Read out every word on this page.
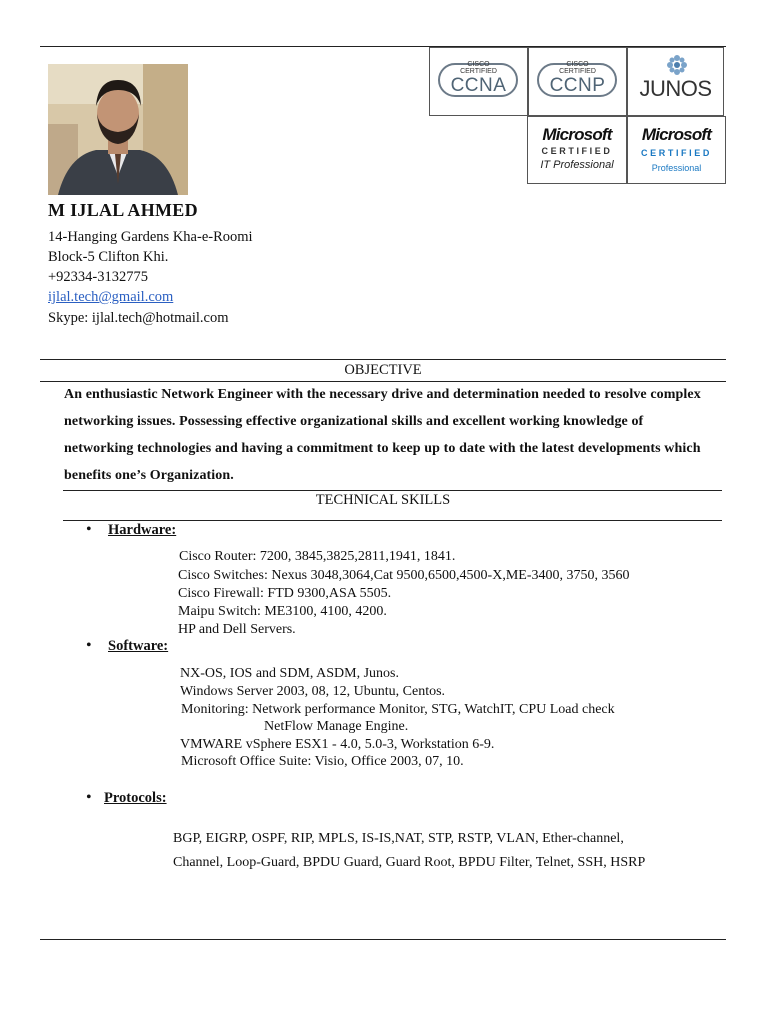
CISCO
CERTIFIED
CCNA
CISCO
CERTIFIED
CCNP	JUNOS
Microsoft
CERTIFIED
IT Professional
Microsoft
CERTIFIED
Professional
M IJLAL AHMED
14-Hanging Gardens Kha-e-Roomi
Block-5 Clifton Khi.
+92334-3132775
ijlal.tech@gmail.com
Skype: ijlal.tech@hotmail.com
OBJECTIVE
An enthusiastic Network Engineer with the necessary drive and determination needed to resolve complex networking issues. Possessing effective organizational skills and excellent working knowledge of networking technologies and having a commitment to keep up to date with the latest developments which benefits one’s Organization.
TECHNICAL SKILLS
• Hardware:
Cisco Router: 7200, 3845,3825,2811,1941, 1841.
Cisco Switches: Nexus 3048,3064,Cat 9500,6500,4500-X,ME-3400, 3750, 3560
Cisco Firewall: FTD 9300,ASA 5505.
Maipu Switch: ME3100, 4100, 4200.
HP and Dell Servers.
• Software:
NX-OS, IOS and SDM, ASDM, Junos.
Windows Server 2003, 08, 12, Ubuntu, Centos.
Monitoring: Network performance Monitor, STG, WatchIT, CPU Load check
NetFlow Manage Engine.
VMWARE vSphere ESX1 - 4.0, 5.0-3, Workstation 6-9.
Microsoft Office Suite: Visio, Office 2003, 07, 10.
• Protocols:
BGP, EIGRP, OSPF, RIP, MPLS, IS-IS,NAT, STP, RSTP, VLAN, Ether-channel,
Channel, Loop-Guard, BPDU Guard, Guard Root, BPDU Filter, Telnet, SSH, HSRP
